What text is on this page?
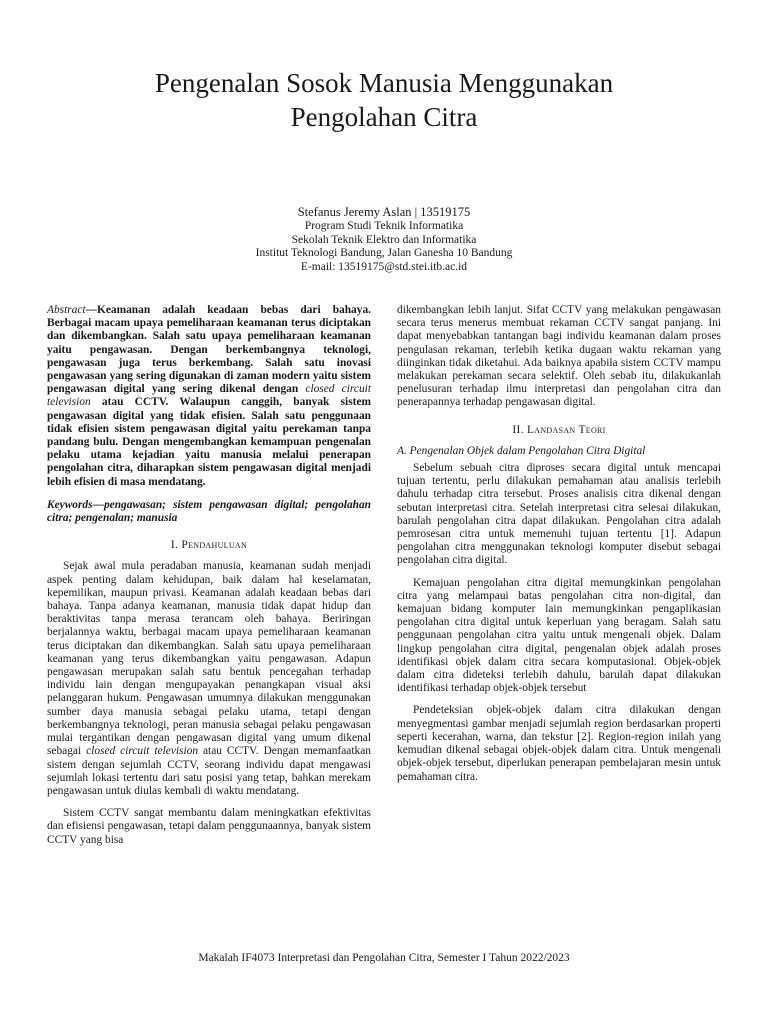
Pengenalan Sosok Manusia Menggunakan
Pengolahan Citra
Stefanus Jeremy Aslan | 13519175
Program Studi Teknik Informatika
Sekolah Teknik Elektro dan Informatika
Institut Teknologi Bandung, Jalan Ganesha 10 Bandung
E-mail: 13519175@std.stei.itb.ac.id

Abstract—Keamanan adalah keadaan bebas dari bahaya. Berbagai macam upaya pemeliharaan keamanan terus diciptakan dan dikembangkan. Salah satu upaya pemeliharaan keamanan yaitu pengawasan. Dengan berkembangnya teknologi, pengawasan juga terus berkembang. Salah satu inovasi pengawasan yang sering digunakan di zaman modern yaitu sistem pengawasan digital yang sering dikenal dengan closed circuit television atau CCTV. Walaupun canggih, banyak sistem pengawasan digital yang tidak efisien. Salah satu penggunaan tidak efisien sistem pengawasan digital yaitu perekaman tanpa pandang bulu. Dengan mengembangkan kemampuan pengenalan pelaku utama kejadian yaitu manusia melalui penerapan pengolahan citra, diharapkan sistem pengawasan digital menjadi lebih efisien di masa mendatang.

Keywords—pengawasan; sistem pengawasan digital; pengolahan citra; pengenalan; manusia

I. Pendahuluan

Sejak awal mula peradaban manusia, keamanan sudah menjadi aspek penting dalam kehidupan, baik dalam hal keselamatan, kepemilikan, maupun privasi. Keamanan adalah keadaan bebas dari bahaya. Tanpa adanya keamanan, manusia tidak dapat hidup dan beraktivitas tanpa merasa terancam oleh bahaya. Beriringan berjalannya waktu, berbagai macam upaya pemeliharaan keamanan terus diciptakan dan dikembangkan. Salah satu upaya pemeliharaan keamanan yang terus dikembangkan yaitu pengawasan. Adapun pengawasan merupakan salah satu bentuk pencegahan terhadap individu lain dengan mengupayakan penangkapan visual aksi pelanggaran hukum. Pengawasan umumnya dilakukan menggunakan sumber daya manusia sebagai pelaku utama, tetapi dengan berkembangnya teknologi, peran manusia sebagai pelaku pengawasan mulai tergantikan dengan pengawasan digital yang umum dikenal sebagai closed circuit television atau CCTV. Dengan memanfaatkan sistem dengan sejumlah CCTV, seorang individu dapat mengawasi sejumlah lokasi tertentu dari satu posisi yang tetap, bahkan merekam pengawasan untuk diulas kembali di waktu mendatang.

Sistem CCTV sangat membantu dalam meningkatkan efektivitas dan efisiensi pengawasan, tetapi dalam penggunaannya, banyak sistem CCTV yang bisa

dikembangkan lebih lanjut. Sifat CCTV yang melakukan pengawasan secara terus menerus membuat rekaman CCTV sangat panjang. Ini dapat menyebabkan tantangan bagi individu keamanan dalam proses pengulasan rekaman, terlebih ketika dugaan waktu rekaman yang diinginkan tidak diketahui. Ada baiknya apabila sistem CCTV mampu melakukan perekaman secara selektif. Oleh sebab itu, dilakukanlah penelusuran terhadap ilmu interpretasi dan pengolahan citra dan penerapannya terhadap pengawasan digital.

II. Landasan Teori
A. Pengenalan Objek dalam Pengolahan Citra Digital

Sebelum sebuah citra diproses secara digital untuk mencapai tujuan tertentu, perlu dilakukan pemahaman atau analisis terlebih dahulu terhadap citra tersebut. Proses analisis citra dikenal dengan sebutan interpretasi citra. Setelah interpretasi citra selesai dilakukan, barulah pengolahan citra dapat dilakukan. Pengolahan citra adalah pemrosesan citra untuk memenuhi tujuan tertentu [1]. Adapun pengolahan citra menggunakan teknologi komputer disebut sebagai pengolahan citra digital.

Kemajuan pengolahan citra digital memungkinkan pengolahan citra yang melampaui batas pengolahan citra non-digital, dan kemajuan bidang komputer lain memungkinkan pengaplikasian pengolahan citra digital untuk keperluan yang beragam. Salah satu penggunaan pengolahan citra yaitu untuk mengenali objek. Dalam lingkup pengolahan citra digital, pengenalan objek adalah proses identifikasi objek dalam citra secara komputasional. Objek-objek dalam citra dideteksi terlebih dahulu, barulah dapat dilakukan identifikasi terhadap objek-objek tersebut

Pendeteksian objek-objek dalam citra dilakukan dengan menyegmentasi gambar menjadi sejumlah region berdasarkan properti seperti kecerahan, warna, dan tekstur [2]. Region-region inilah yang kemudian dikenal sebagai objek-objek dalam citra. Untuk mengenali objek-objek tersebut, diperlukan penerapan pembelajaran mesin untuk pemahaman citra.

Makalah IF4073 Interpretasi dan Pengolahan Citra, Semester I Tahun 2022/2023
